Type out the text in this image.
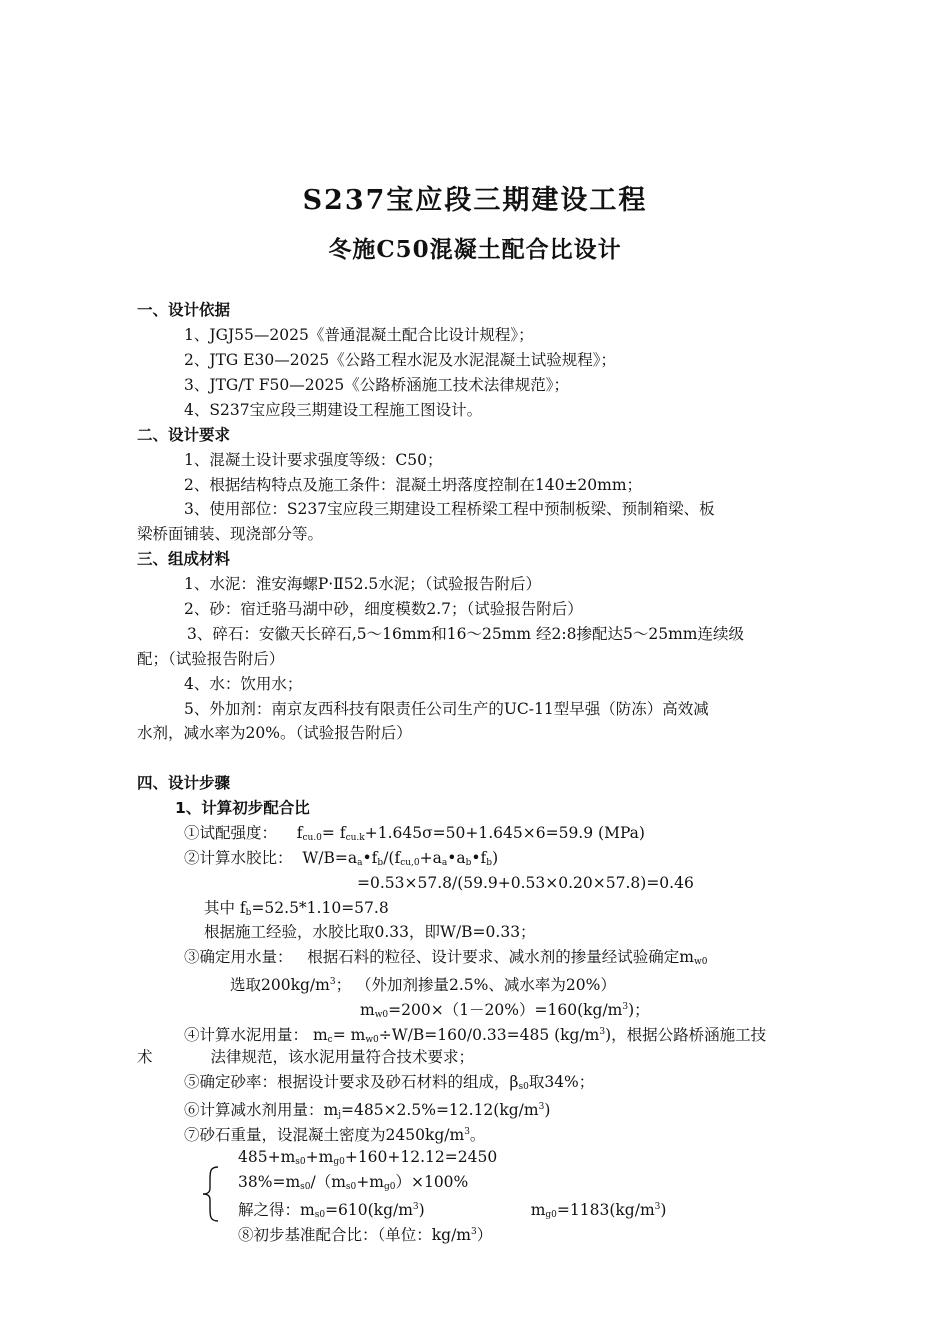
S237宝应段三期建设工程
冬施C50混凝土配合比设计
一、设计依据
1、JGJ55—2025《普通混凝土配合比设计规程》；
2、JTG E30—2025《公路工程水泥及水泥混凝土试验规程》；
3、JTG/T F50—2025《公路桥涵施工技术法律规范》；
4、S237宝应段三期建设工程施工图设计。
二、设计要求
1、混凝土设计要求强度等级：C50；
2、根据结构特点及施工条件：混凝土坍落度控制在140±20mm；
3、使用部位：S237宝应段三期建设工程桥梁工程中预制板梁、预制箱梁、板
梁桥面铺装、现浇部分等。
三、组成材料
1、水泥：淮安海螺P·Ⅱ52.5水泥；（试验报告附后）
2、砂：宿迁骆马湖中砂，细度模数2.7；（试验报告附后）
3、碎石：安徽天长碎石,5～16mm和16～25mm 经2:8掺配达5～25mm连续级
配；（试验报告附后）
4、水：饮用水；
5、外加剂：南京友西科技有限责任公司生产的UC-11型早强（防冻）高效减
水剂，减水率为20%。（试验报告附后）
四、设计步骤
1、计算初步配合比
①试配强度： $f_{cu.0}= f_{cu.k}+1.645\sigma=50+1.645\times 6=59.9$ (MPa)
②计算水胶比： $W/B=a_a•f_b/(f_{cu,0}+a_a•a_b•f_b)$
=0.53×57.8/(59.9+0.53×0.20×57.8)=0.46
其中 $f_b=52.5*1.10=57.8$
根据施工经验，水胶比取0.33，即W/B=0.33；
③确定用水量： 根据石料的粒径、设计要求、减水剂的掺量经试验确定$m_{w0}$
选取$200kg/m^3$； （外加剂掺量2.5%、减水率为20%）
$m_{w0}=200\times(1-20\%)=160(kg/m^3)$；
④计算水泥用量： $m_c= m_{w0}\div W/B=160/0.33=485$ $(kg/m^3)$，根据公路桥涵施工技
术	法律规范，该水泥用量符合技术要求；
⑤确定砂率：根据设计要求及砂石材料的组成，$\beta_{s0}$取34%；
⑥计算减水剂用量：$m_j=485\times 2.5\%=12.12(kg/m^3)$
⑦砂石重量，设混凝土密度为$2450kg/m^3$。
$485+m_{s0}+m_{g0}+160+12.12=2450$
$38\%=m_{s0}/(m_{s0}+m_{g0})\times 100\%$
解之得：$m_{s0}=610(kg/m^3)$	$m_{g0}=1183(kg/m^3)$
⑧初步基准配合比：（单位：$kg/m^3$）
